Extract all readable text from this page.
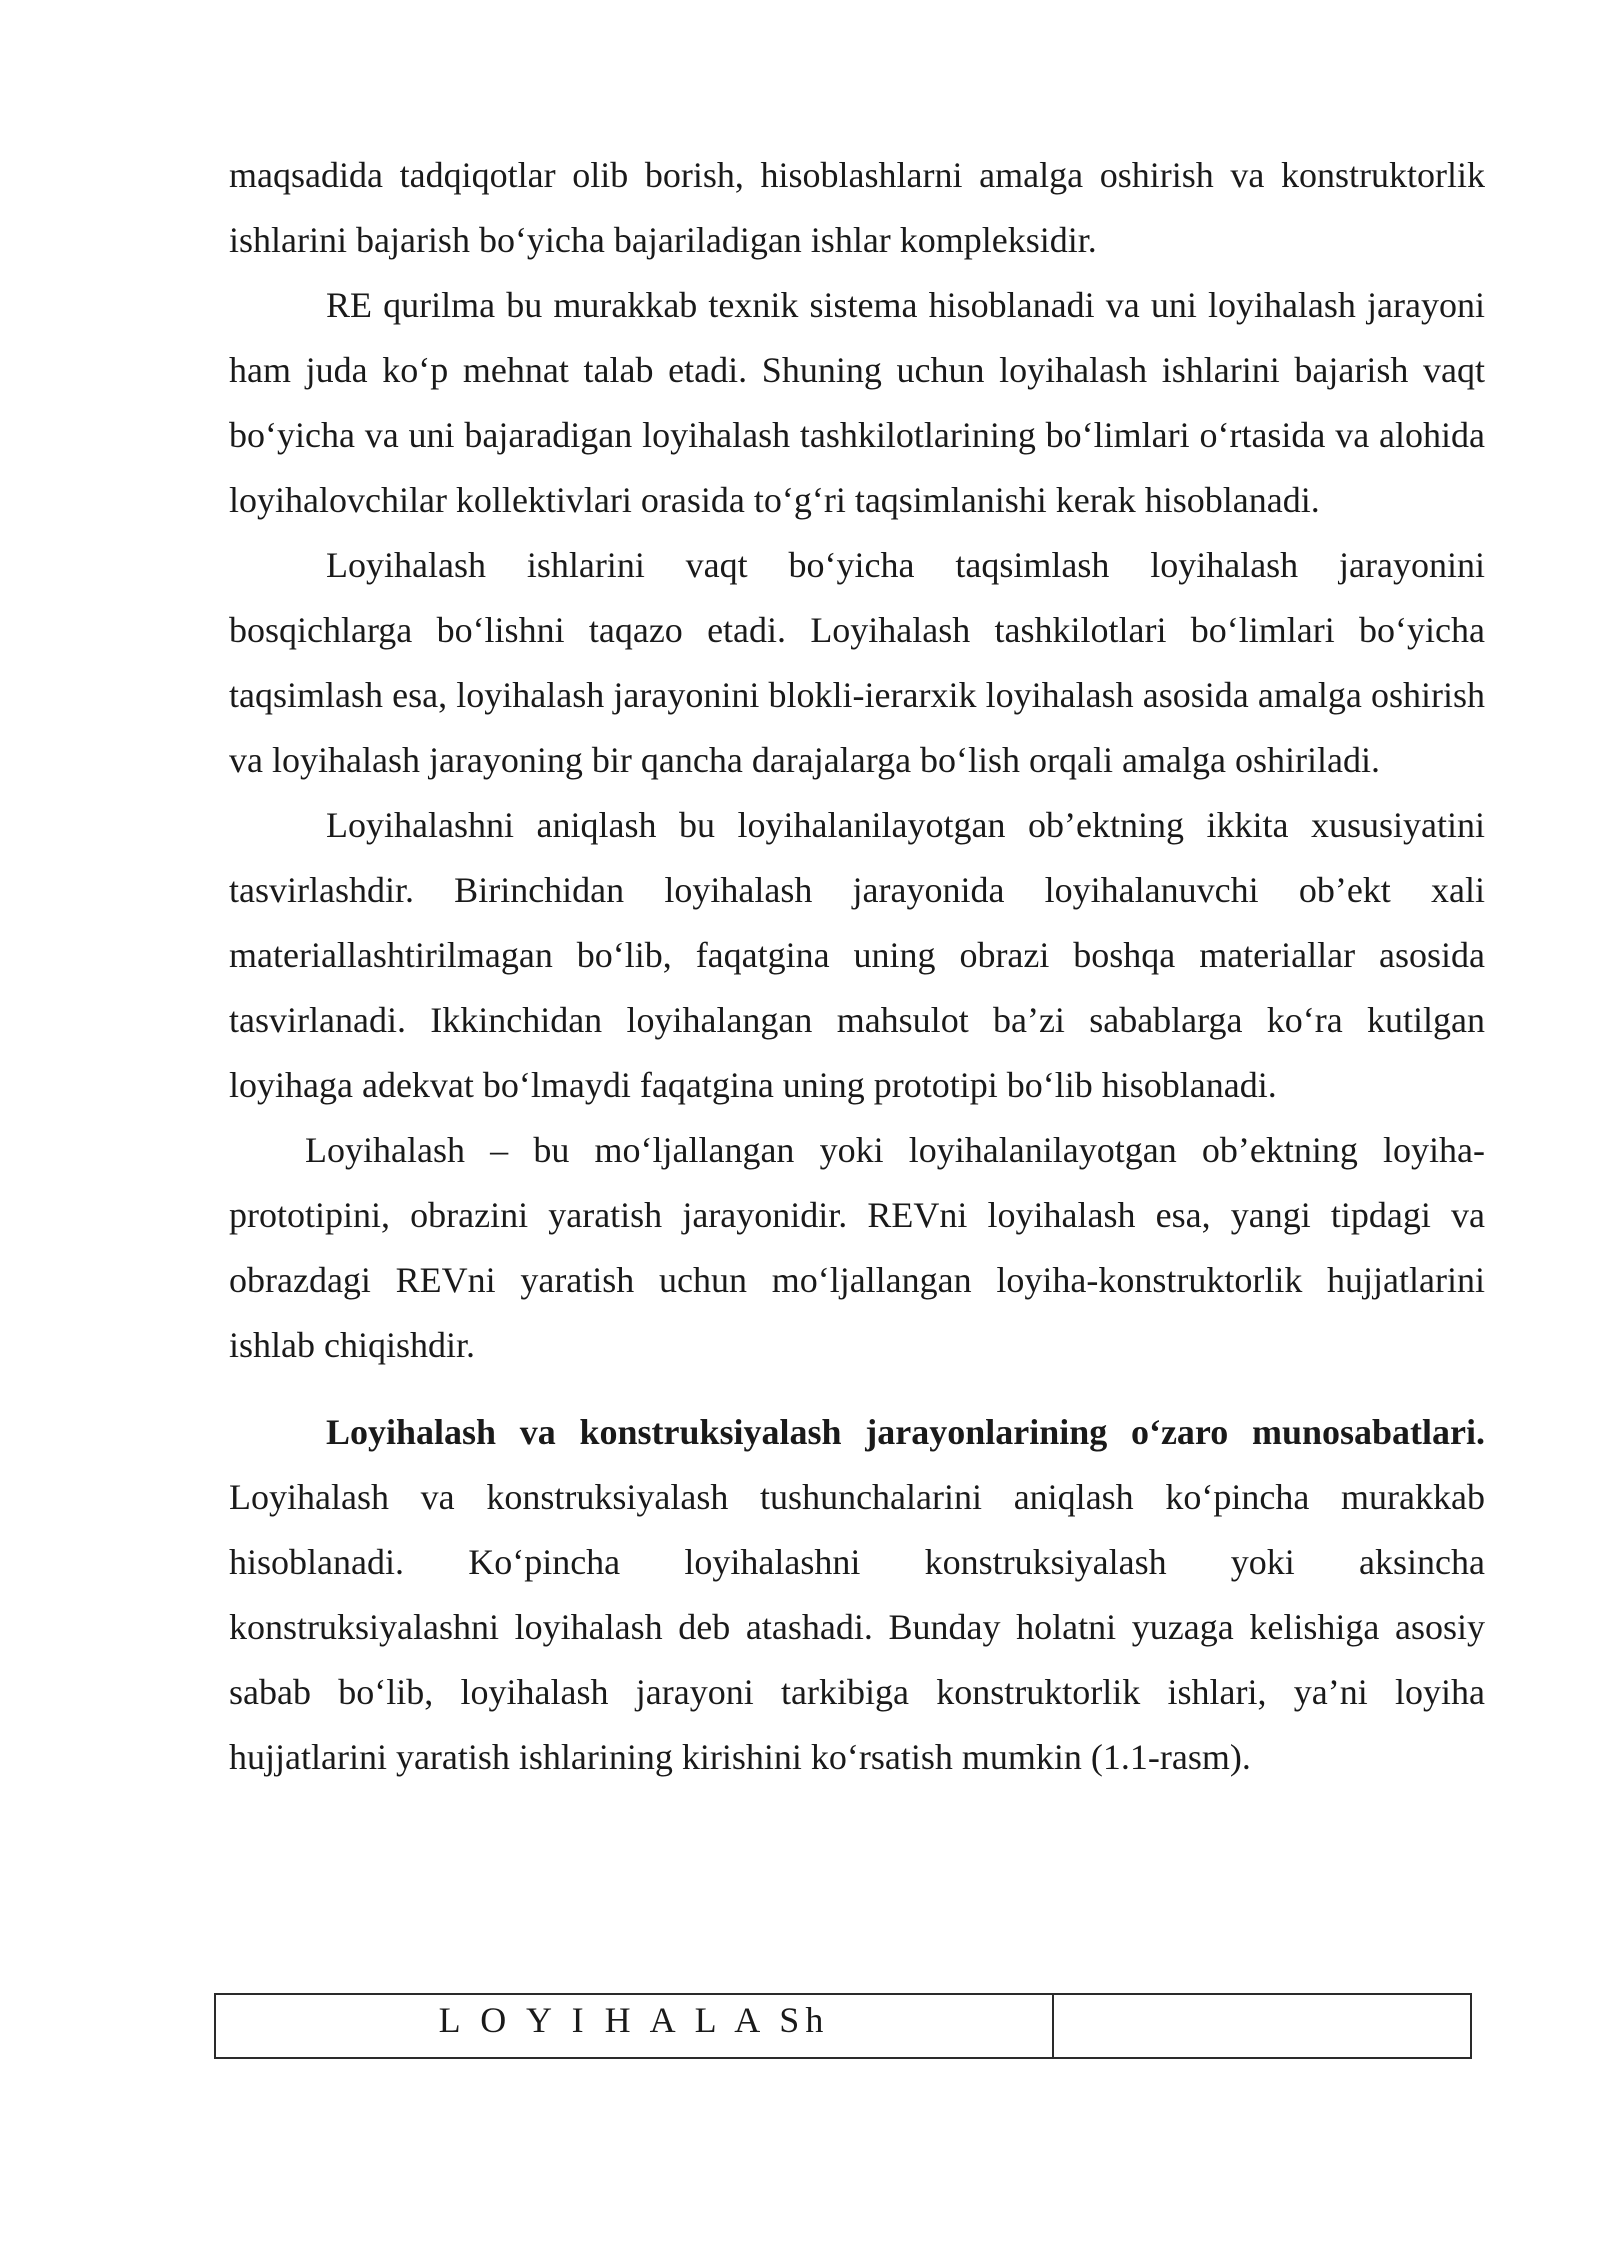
maqsadida tadqiqotlar olib borish, hisoblashlarni amalga oshirish va konstruktorlik ishlarini bajarish bo‘yicha bajariladigan ishlar kompleksidir.

RE qurilma bu murakkab texnik sistema hisoblanadi va uni loyihalash jarayoni ham juda ko‘p mehnat talab etadi. Shuning uchun loyihalash ishlarini bajarish vaqt bo‘yicha va uni bajaradigan loyihalash tashkilotlarining bo‘limlari o‘rtasida va alohida loyihalovchilar kollektivlari orasida to‘g‘ri taqsimlanishi kerak hisoblanadi.

Loyihalash ishlarini vaqt bo‘yicha taqsimlash loyihalash jarayonini bosqichlarga bo‘lishni taqazo etadi. Loyihalash tashkilotlari bo‘limlari bo‘yicha taqsimlash esa, loyihalash jarayonini blokli-ierarxik loyihalash asosida amalga oshirish va loyihalash jarayoning bir qancha darajalarga bo‘lish orqali amalga oshiriladi.

Loyihalashni aniqlash bu loyihalanilayotgan ob’ektning ikkita xususiyatini tasvirlashdir. Birinchidan loyihalash jarayonida loyihalanuvchi ob’ekt xali materiallashtirilmagan bo‘lib, faqatgina uning obrazi boshqa materiallar asosida tasvirlanadi. Ikkinchidan loyihalangan mahsulot ba’zi sabablarga ko‘ra kutilgan loyihaga adekvat bo‘lmaydi faqatgina uning prototipi bo‘lib hisoblanadi.

Loyihalash – bu mo‘ljallangan yoki loyihalanilayotgan ob’ektning loyiha-prototipini, obrazini yaratish jarayonidir. REVni loyihalash esa, yangi tipdagi va obrazdagi REVni yaratish uchun mo‘ljallangan loyiha-konstruktorlik hujjatlarini ishlab chiqishdir.

Loyihalash va konstruksiyalash jarayonlarining o‘zaro munosabatlari. Loyihalash va konstruksiyalash tushunchalarini aniqlash ko‘pincha murakkab hisoblanadi. Ko‘pincha loyihalashni konstruksiyalash yoki aksincha konstruksiyalashni loyihalash deb atashadi. Bunday holatni yuzaga kelishiga asosiy sabab bo‘lib, loyihalash jarayoni tarkibiga konstruktorlik ishlari, ya’ni loyiha hujjatlarini yaratish ishlarining kirishini ko‘rsatish mumkin (1.1-rasm).

L O Y I H A L A Sh
